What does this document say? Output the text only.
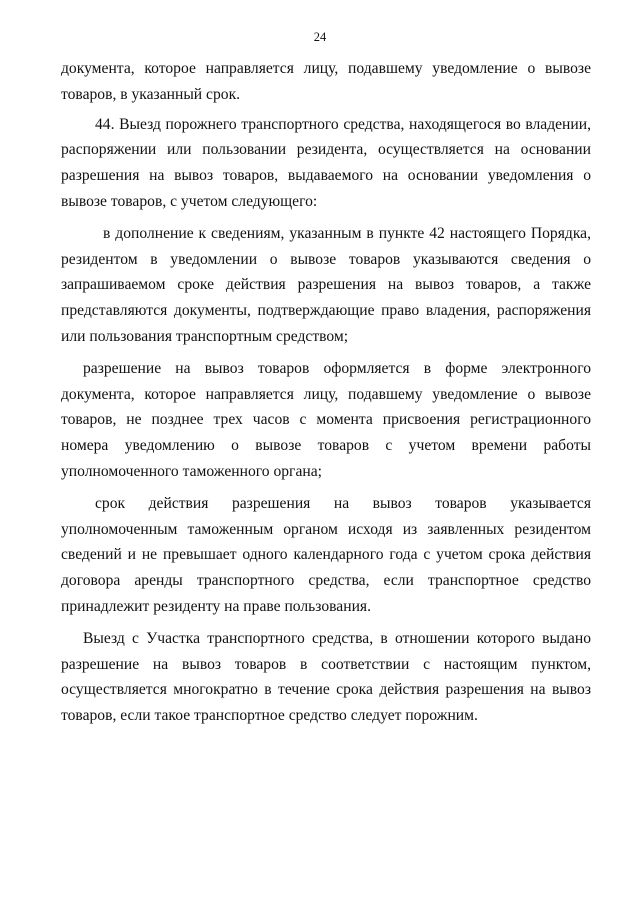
24

документа, которое направляется лицу, подавшему уведомление о вывозе товаров, в указанный срок.

44. Выезд порожнего транспортного средства, находящегося во владении, распоряжении или пользовании резидента, осуществляется на основании разрешения на вывоз товаров, выдаваемого на основании уведомления о вывозе товаров, с учетом следующего:

в дополнение к сведениям, указанным в пункте 42 настоящего Порядка, резидентом в уведомлении о вывозе товаров указываются сведения о запрашиваемом сроке действия разрешения на вывоз товаров, а также представляются документы, подтверждающие право владения, распоряжения или пользования транспортным средством;

разрешение на вывоз товаров оформляется в форме электронного документа, которое направляется лицу, подавшему уведомление о вывозе товаров, не позднее трех часов с момента присвоения регистрационного номера уведомлению о вывозе товаров с учетом времени работы уполномоченного таможенного органа;

срок действия разрешения на вывоз товаров указывается уполномоченным таможенным органом исходя из заявленных резидентом сведений и не превышает одного календарного года с учетом срока действия договора аренды транспортного средства, если транспортное средство принадлежит резиденту на праве пользования.

Выезд с Участка транспортного средства, в отношении которого выдано разрешение на вывоз товаров в соответствии с настоящим пунктом, осуществляется многократно в течение срока действия разрешения на вывоз товаров, если такое транспортное средство следует порожним.
